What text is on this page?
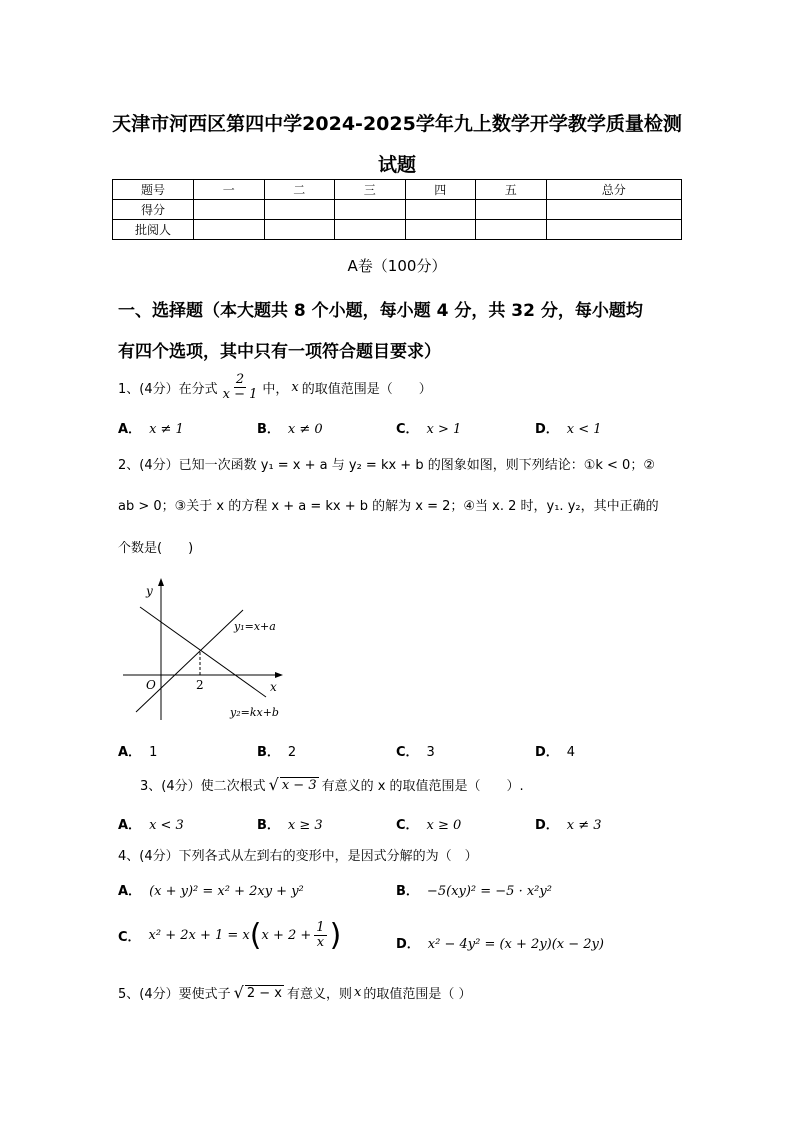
天津市河西区第四中学2024-2025学年九上数学开学教学质量检测
试题
题号	一	二	三	四	五	总分
得分						
批阅人						
A卷（100分）
一、选择题（本大题共 8 个小题，每小题 4 分，共 32 分，每小题均
有四个选项，其中只有一项符合题目要求）
1、(4分）在分式 $\frac{2}{x - 1}$ 中， x 的取值范围是（　　）
A． x ≠ 1	B． x ≠ 0	C． x > 1	D． x < 1
2、(4分）已知一次函数 y₁ = x + a 与 y₂ = kx + b 的图象如图，则下列结论：①k < 0；②
ab > 0；③关于 x 的方程 x + a = kx + b 的解为 x = 2；④当 x. 2 时，y₁. y₂，其中正确的
个数是(　　)
y
x
O	2
y₁=x+a
y₂=kx+b
A． 1	B． 2	C． 3	D． 4
3、(4分）使二次根式 √ x − 3 有意义的 x 的取值范围是（　　）.
A． x < 3	B． x ≥ 3	C． x ≥ 0	D． x ≠ 3
4、(4分）下列各式从左到右的变形中，是因式分解的为（　）
A． (x + y)² = x² + 2xy + y²	B． −5(xy)² = −5 · x²y²
C． x² + 2x + 1 = x ( $x + 2 + \frac{1}{x}$ )	D． x² − 4y² = (x + 2y)(x − 2y)
5、(4分）要使式子 √ 2 − x 有意义，则 x 的取值范围是（ ）
